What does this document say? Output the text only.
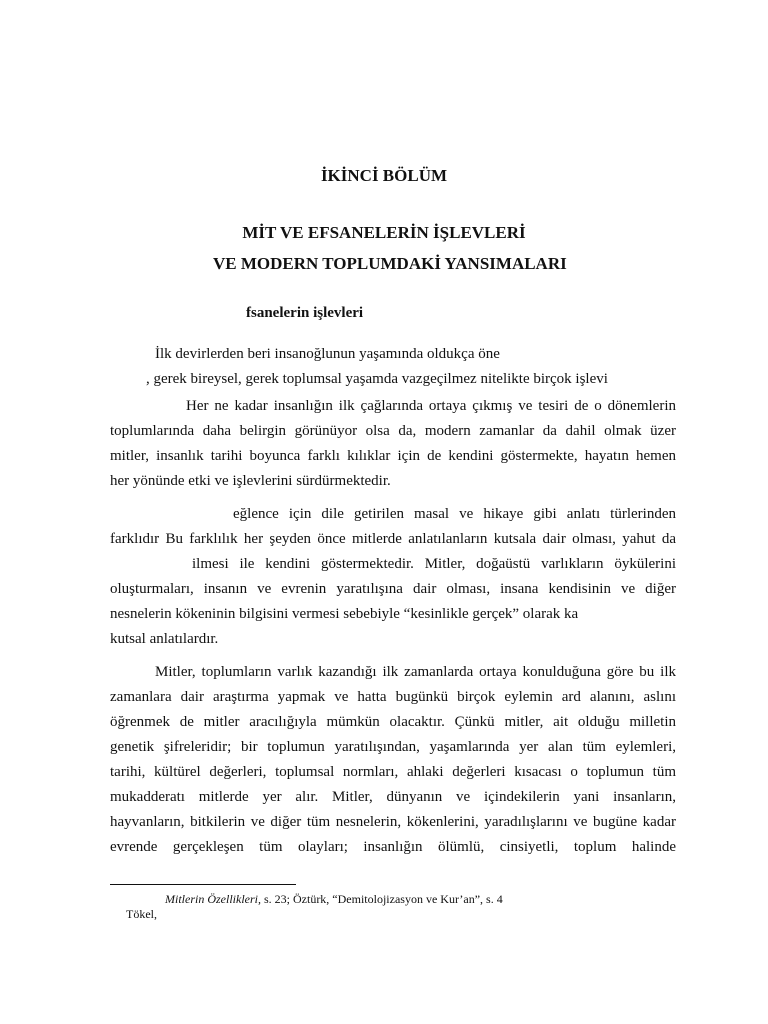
İKİNCİ BÖLÜM
MİT VE EFSANELERİN İŞLEVLERİ
VE MODERN TOPLUMDAKİ YANSIMALARI
fsanelerin işlevleri
İlk devirlerden beri insanoğlunun yaşamında oldukça öne
, gerek bireysel, gerek toplumsal yaşamda vazgeçilmez nitelikte birçok işlevi
Her ne kadar insanlığın ilk çağlarında ortaya çıkmış ve tesiri de o dönemlerin
toplumlarında daha belirgin görünüyor olsa da, modern zamanlar da dahil olmak üzer
mitler, insanlık tarihi boyunca farklı kılıklar için de kendini göstermekte, hayatın hemen
her yönünde etki ve işlevlerini sürdürmektedir.
eğlence için dile getirilen masal ve hikaye gibi anlatı türlerinden
farklıdır Bu farklılık her şeyden önce mitlerde anlatılanların kutsala dair olması, yahut da
ilmesi ile kendini göstermektedir. Mitler, doğaüstü varlıkların öykülerini
oluşturmaları, insanın ve evrenin yaratılışına dair olması, insana kendisinin ve diğer
nesnelerin kökeninin bilgisini vermesi sebebiyle “kesinlikle gerçek” olarak ka
kutsal anlatılardır.
Mitler, toplumların varlık kazandığı ilk zamanlarda ortaya konulduğuna göre bu ilk
zamanlara dair araştırma yapmak ve hatta bugünkü birçok eylemin ard alanını, aslını
öğrenmek de mitler aracılığıyla mümkün olacaktır. Çünkü mitler, ait olduğu milletin
genetik şifreleridir; bir toplumun yaratılışından, yaşamlarında yer alan tüm eylemleri,
tarihi, kültürel değerleri, toplumsal normları, ahlaki değerleri kısacası o toplumun tüm
mukadderatı mitlerde yer alır. Mitler, dünyanın ve içindekilerin yani insanların,
hayvanların, bitkilerin ve diğer tüm nesnelerin, kökenlerini, yaradılışlarını ve bugüne kadar
evrende gerçekleşen tüm olayları; insanlığın ölümlü, cinsiyetli, toplum halinde
Mitlerin Özellikleri, s. 23; Öztürk, “Demitolojizasyon ve Kur’an”, s. 4
Tökel,
